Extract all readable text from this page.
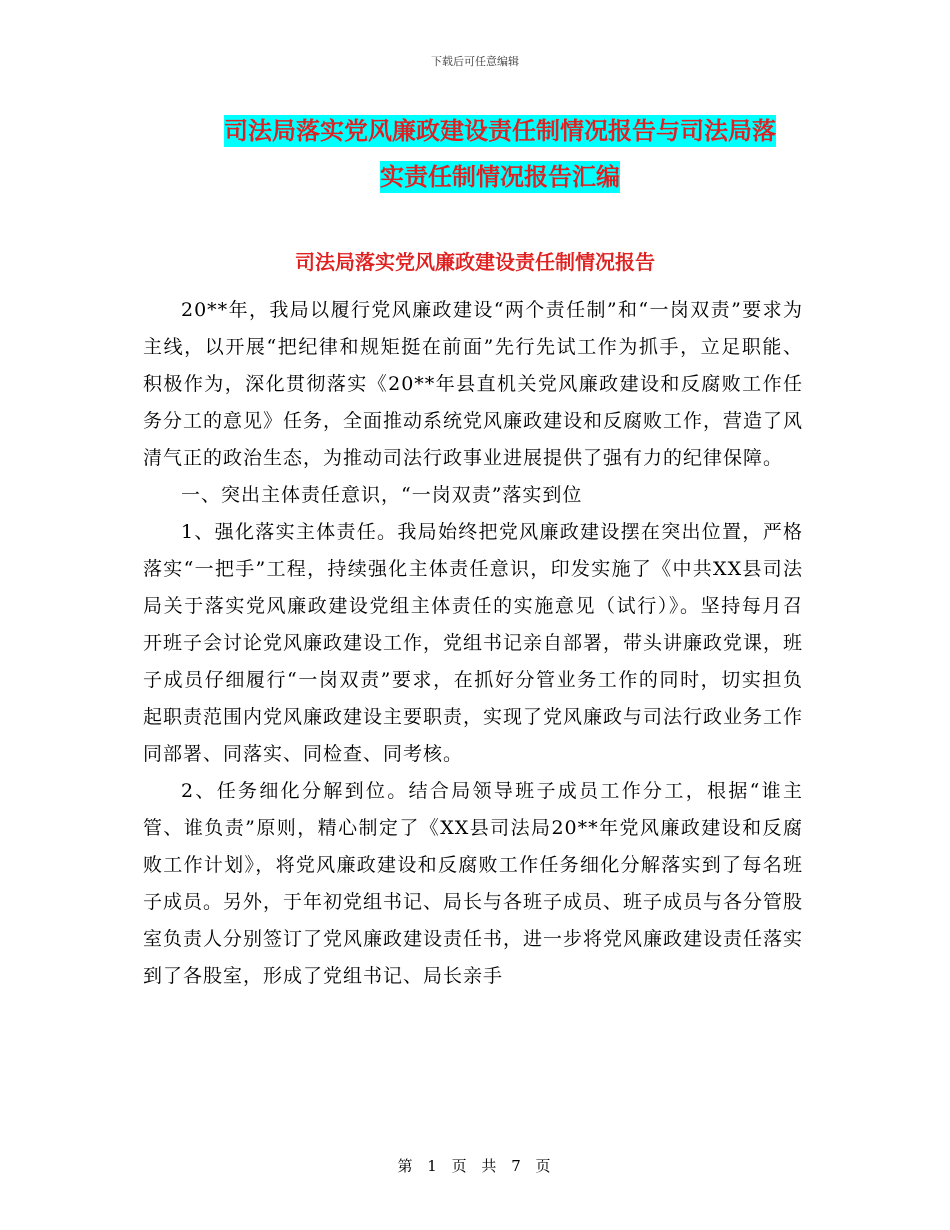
下载后可任意编辑
司法局落实党风廉政建设责任制情况报告与司法局落
实责任制情况报告汇编
司法局落实党风廉政建设责任制情况报告

20**年，我局以履行党风廉政建设“两个责任制”和“一岗双责”要求为主线，以开展“把纪律和规矩挺在前面”先行先试工作为抓手，立足职能、积极作为，深化贯彻落实《20**年县直机关党风廉政建设和反腐败工作任务分工的意见》任务，全面推动系统党风廉政建设和反腐败工作，营造了风清气正的政治生态，为推动司法行政事业进展提供了强有力的纪律保障。

一、突出主体责任意识，“一岗双责”落实到位

1、强化落实主体责任。我局始终把党风廉政建设摆在突出位置，严格落实“一把手”工程，持续强化主体责任意识，印发实施了《中共XX县司法局关于落实党风廉政建设党组主体责任的实施意见（试行）》。坚持每月召开班子会讨论党风廉政建设工作，党组书记亲自部署，带头讲廉政党课，班子成员仔细履行“一岗双责”要求，在抓好分管业务工作的同时，切实担负起职责范围内党风廉政建设主要职责，实现了党风廉政与司法行政业务工作同部署、同落实、同检查、同考核。

2、任务细化分解到位。结合局领导班子成员工作分工，根据“谁主管、谁负责”原则，精心制定了《XX县司法局20**年党风廉政建设和反腐败工作计划》，将党风廉政建设和反腐败工作任务细化分解落实到了每名班子成员。另外，于年初党组书记、局长与各班子成员、班子成员与各分管股室负责人分别签订了党风廉政建设责任书，进一步将党风廉政建设责任落实到了各股室，形成了党组书记、局长亲手

第 1 页 共 7 页
